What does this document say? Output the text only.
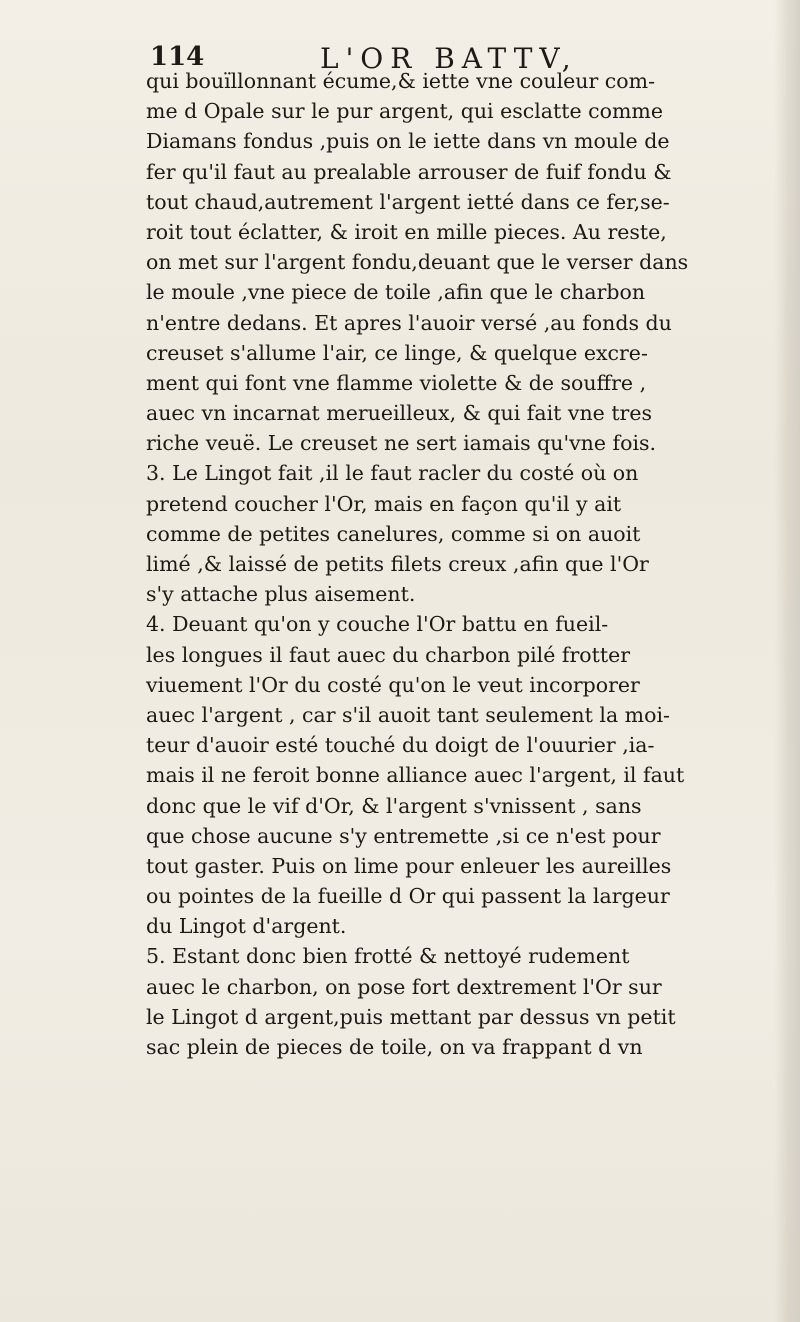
114	L'OR BATTV,
qui bouïllonnant écume,& iette vne couleur com-
me d Opale sur le pur argent, qui esclatte comme
Diamans fondus ,puis on le iette dans vn moule de
fer qu'il faut au prealable arrouser de fuif fondu &
tout chaud,autrement l'argent ietté dans ce fer,se-
roit tout éclatter, & iroit en mille pieces. Au reste,
on met sur l'argent fondu,deuant que le verser dans
le moule ,vne piece de toile ,afin que le charbon
n'entre dedans. Et apres l'auoir versé ,au fonds du
creuset s'allume l'air, ce linge, & quelque excre-
ment qui font vne flamme violette & de souffre ,
auec vn incarnat merueilleux, & qui fait vne tres
riche veuë. Le creuset ne sert iamais qu'vne fois.
3. Le Lingot fait ,il le faut racler du costé où on
pretend coucher l'Or, mais en façon qu'il y ait
comme de petites canelures, comme si on auoit
limé ,& laissé de petits filets creux ,afin que l'Or
s'y attache plus aisement.
4. Deuant qu'on y couche l'Or battu en fueil-
les longues il faut auec du charbon pilé frotter
viuement l'Or du costé qu'on le veut incorporer
auec l'argent , car s'il auoit tant seulement la moi-
teur d'auoir esté touché du doigt de l'ouurier ,ia-
mais il ne feroit bonne alliance auec l'argent, il faut
donc que le vif d'Or, & l'argent s'vnissent , sans
que chose aucune s'y entremette ,si ce n'est pour
tout gaster. Puis on lime pour enleuer les aureilles
ou pointes de la fueille d Or qui passent la largeur
du Lingot d'argent.
5. Estant donc bien frotté & nettoyé rudement
auec le charbon, on pose fort dextrement l'Or sur
le Lingot d argent,puis mettant par dessus vn petit
sac plein de pieces de toile, on va frappant d vn
